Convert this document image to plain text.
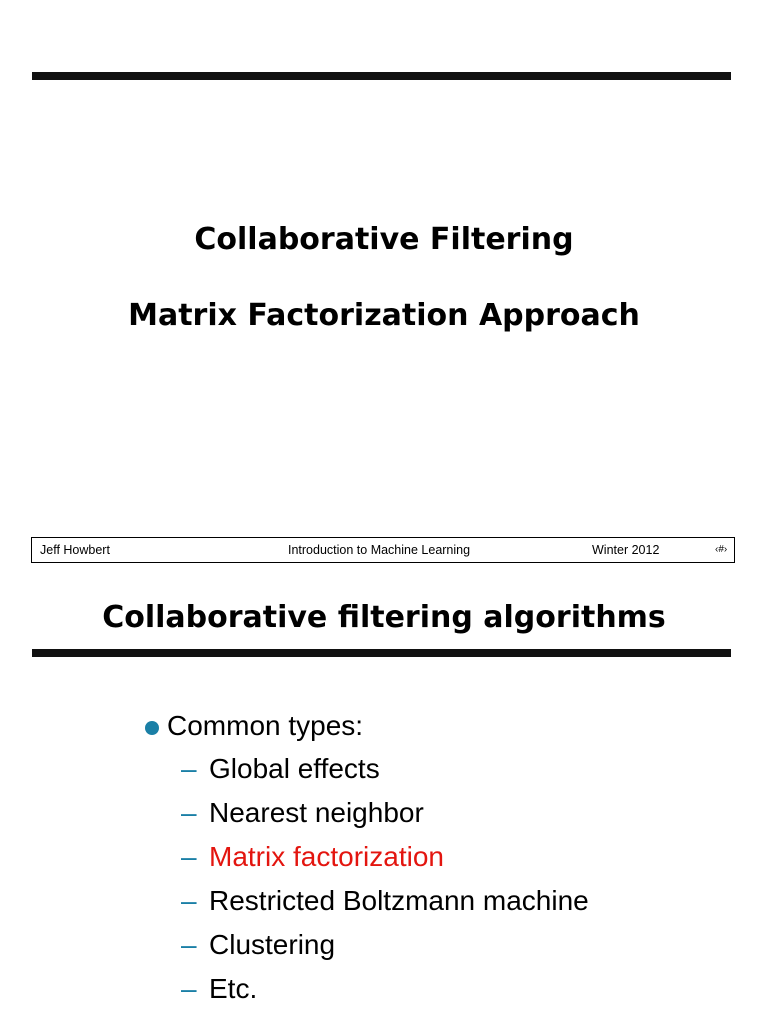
Collaborative Filtering
Matrix Factorization Approach
Jeff Howbert	Introduction to Machine Learning	Winter 2012	‹#›
Collaborative filtering algorithms
Common types:
– Global effects
– Nearest neighbor
– Matrix factorization
– Restricted Boltzmann machine
– Clustering
– Etc.
